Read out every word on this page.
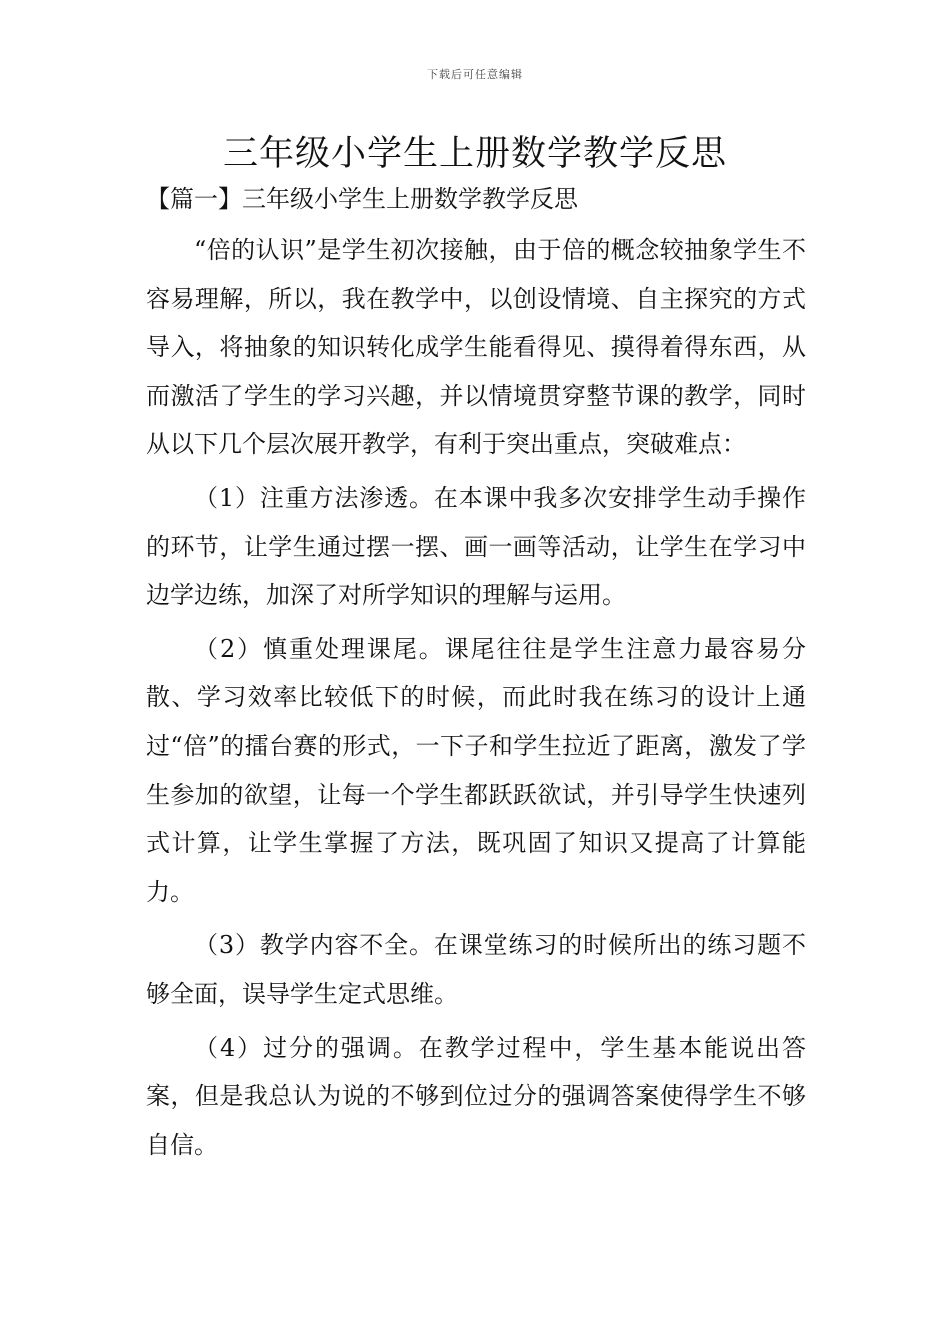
下载后可任意编辑
三年级小学生上册数学教学反思
【篇一】三年级小学生上册数学教学反思

“倍的认识”是学生初次接触，由于倍的概念较抽象学生不容易理解，所以，我在教学中，以创设情境、自主探究的方式导入，将抽象的知识转化成学生能看得见、摸得着得东西，从而激活了学生的学习兴趣，并以情境贯穿整节课的教学，同时从以下几个层次展开教学，有利于突出重点，突破难点：

（1）注重方法渗透。在本课中我多次安排学生动手操作的环节，让学生通过摆一摆、画一画等活动，让学生在学习中边学边练，加深了对所学知识的理解与运用。

（2）慎重处理课尾。课尾往往是学生注意力最容易分散、学习效率比较低下的时候，而此时我在练习的设计上通过“倍”的擂台赛的形式，一下子和学生拉近了距离，激发了学生参加的欲望，让每一个学生都跃跃欲试，并引导学生快速列式计算，让学生掌握了方法，既巩固了知识又提高了计算能力。

（3）教学内容不全。在课堂练习的时候所出的练习题不够全面，误导学生定式思维。

（4）过分的强调。在教学过程中，学生基本能说出答案，但是我总认为说的不够到位过分的强调答案使得学生不够自信。
